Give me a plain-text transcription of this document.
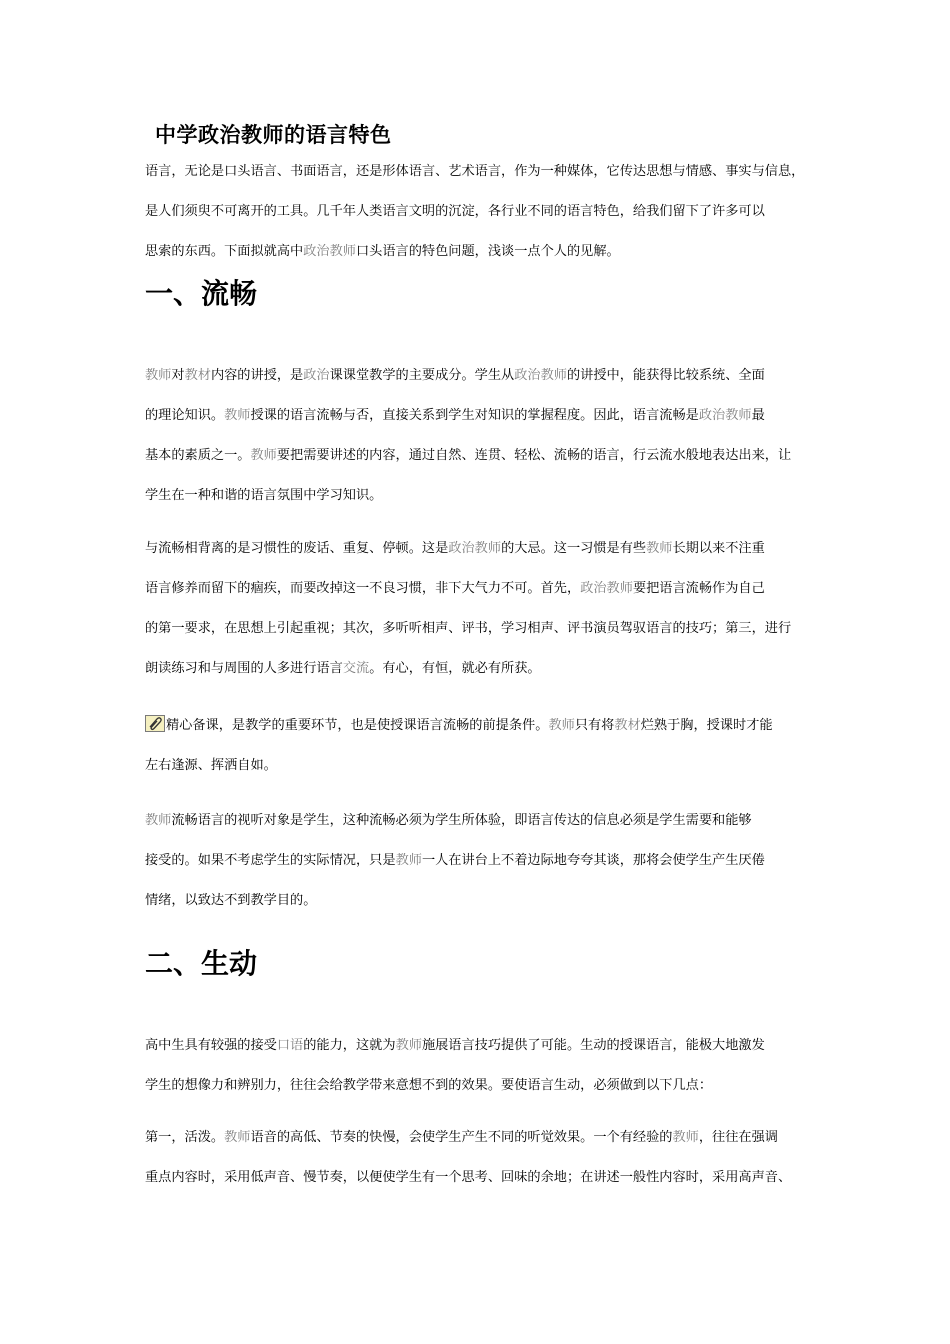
中学政治教师的语言特色

语言，无论是口头语言、书面语言，还是形体语言、艺术语言，作为一种媒体，它传达思想与情感、事实与信息，
是人们须臾不可离开的工具。几千年人类语言文明的沉淀，各行业不同的语言特色，给我们留下了许多可以
思索的东西。下面拟就高中政治教师口头语言的特色问题，浅谈一点个人的见解。

一、流畅

教师对教材内容的讲授，是政治课课堂教学的主要成分。学生从政治教师的讲授中，能获得比较系统、全面
的理论知识。教师授课的语言流畅与否，直接关系到学生对知识的掌握程度。因此，语言流畅是政治教师最
基本的素质之一。教师要把需要讲述的内容，通过自然、连贯、轻松、流畅的语言，行云流水般地表达出来，让
学生在一种和谐的语言氛围中学习知识。

与流畅相背离的是习惯性的废话、重复、停顿。这是政治教师的大忌。这一习惯是有些教师长期以来不注重
语言修养而留下的痼疾，而要改掉这一不良习惯，非下大气力不可。首先，政治教师要把语言流畅作为自己
的第一要求，在思想上引起重视；其次，多听听相声、评书，学习相声、评书演员驾驭语言的技巧；第三，进行
朗读练习和与周围的人多进行语言交流。有心，有恒，就必有所获。

精心备课，是教学的重要环节，也是使授课语言流畅的前提条件。教师只有将教材烂熟于胸，授课时才能
左右逢源、挥洒自如。

教师流畅语言的视听对象是学生，这种流畅必须为学生所体验，即语言传达的信息必须是学生需要和能够
接受的。如果不考虑学生的实际情况，只是教师一人在讲台上不着边际地夸夸其谈，那将会使学生产生厌倦
情绪，以致达不到教学目的。

二、生动

高中生具有较强的接受口语的能力，这就为教师施展语言技巧提供了可能。生动的授课语言，能极大地激发
学生的想像力和辨别力，往往会给教学带来意想不到的效果。要使语言生动，必须做到以下几点：

第一，活泼。教师语音的高低、节奏的快慢，会使学生产生不同的听觉效果。一个有经验的教师，往往在强调
重点内容时，采用低声音、慢节奏，以便使学生有一个思考、回味的余地；在讲述一般性内容时，采用高声音、
